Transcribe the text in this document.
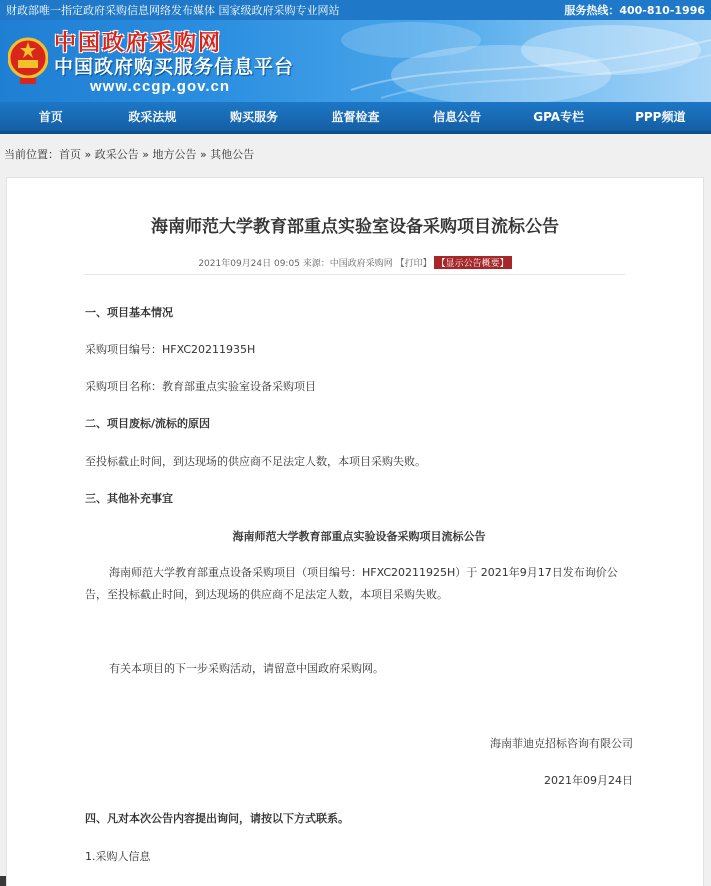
财政部唯一指定政府采购信息网络发布媒体 国家级政府采购专业网站	服务热线：400-810-1996
中国政府采购网
中国政府购买服务信息平台
www.ccgp.gov.cn
首页	政采法规	购买服务	监督检查	信息公告	GPA专栏	PPP频道
当前位置：首页 » 政采公告 » 地方公告 » 其他公告
海南师范大学教育部重点实验室设备采购项目流标公告
2021年09月24日 09:05 来源：中国政府采购网 【打印】 【显示公告概要】
一、项目基本情况
采购项目编号：HFXC20211935H
采购项目名称：教育部重点实验室设备采购项目
二、项目废标/流标的原因
至投标截止时间，到达现场的供应商不足法定人数，本项目采购失败。
三、其他补充事宜
海南师范大学教育部重点实验设备采购项目流标公告
海南师范大学教育部重点设备采购项目（项目编号：HFXC20211925H）于 2021年9月17日发布询价公
告，至投标截止时间，到达现场的供应商不足法定人数，本项目采购失败。
有关本项目的下一步采购活动，请留意中国政府采购网。
海南菲迪克招标咨询有限公司
2021年09月24日
四、凡对本次公告内容提出询问，请按以下方式联系。
1.采购人信息
